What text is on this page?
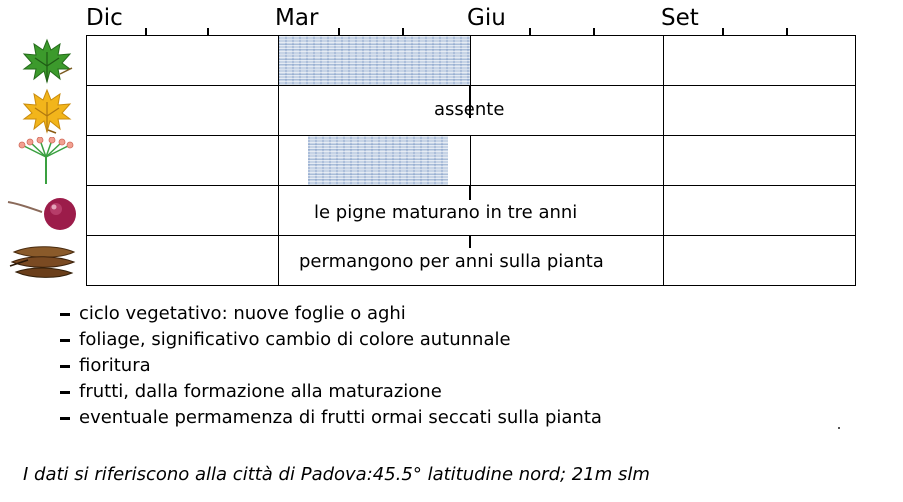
Dic	Mar	Giu	Set
assente
le pigne maturano in tre anni
permangono per anni sulla pianta
ciclo vegetativo: nuove foglie o aghi
foliage, significativo cambio di colore autunnale
fioritura
frutti, dalla formazione alla maturazione
eventuale permamenza di frutti ormai seccati sulla pianta
I dati si riferiscono alla città di Padova:45.5° latitudine nord; 21m slm
